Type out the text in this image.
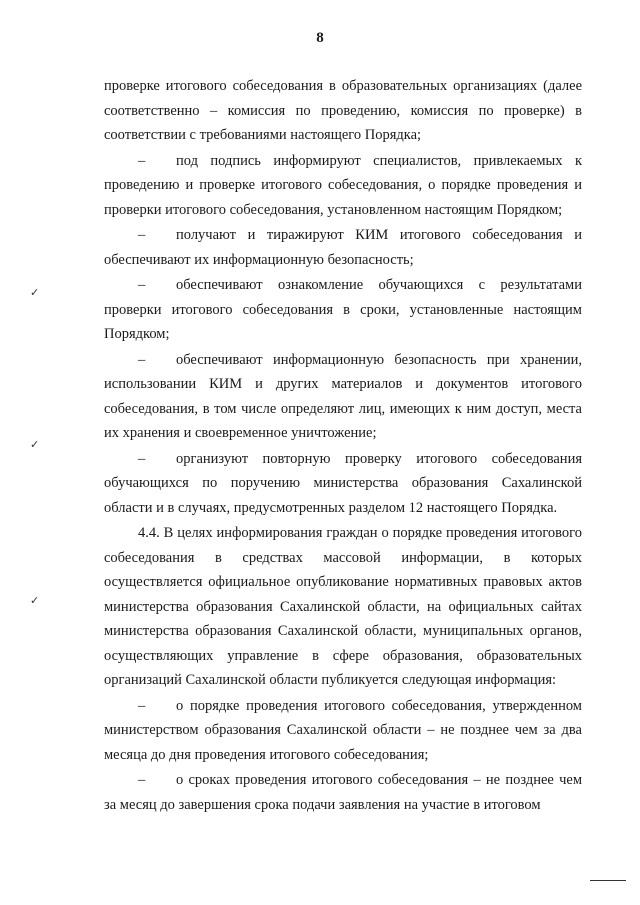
8
✓
✓
✓

проверке итогового собеседования в образовательных организациях (далее соответственно – комиссия по проведению, комиссия по проверке) в соответствии с требованиями настоящего Порядка;

– под подпись информируют специалистов, привлекаемых к проведению и проверке итогового собеседования, о порядке проведения и проверки итогового собеседования, установленном настоящим Порядком;

– получают и тиражируют КИМ итогового собеседования и обеспечивают их информационную безопасность;

– обеспечивают ознакомление обучающихся с результатами проверки итогового собеседования в сроки, установленные настоящим Порядком;

– обеспечивают информационную безопасность при хранении, использовании КИМ и других материалов и документов итогового собеседования, в том числе определяют лиц, имеющих к ним доступ, места их хранения и своевременное уничтожение;

– организуют повторную проверку итогового собеседования обучающихся по поручению министерства образования Сахалинской области и в случаях, предусмотренных разделом 12 настоящего Порядка.

4.4. В целях информирования граждан о порядке проведения итогового собеседования в средствах массовой информации, в которых осуществляется официальное опубликование нормативных правовых актов министерства образования Сахалинской области, на официальных сайтах министерства образования Сахалинской области, муниципальных органов, осуществляющих управление в сфере образования, образовательных организаций Сахалинской области публикуется следующая информация:

– о порядке проведения итогового собеседования, утвержденном министерством образования Сахалинской области – не позднее чем за два месяца до дня проведения итогового собеседования;

– о сроках проведения итогового собеседования – не позднее чем за месяц до завершения срока подачи заявления на участие в итоговом
